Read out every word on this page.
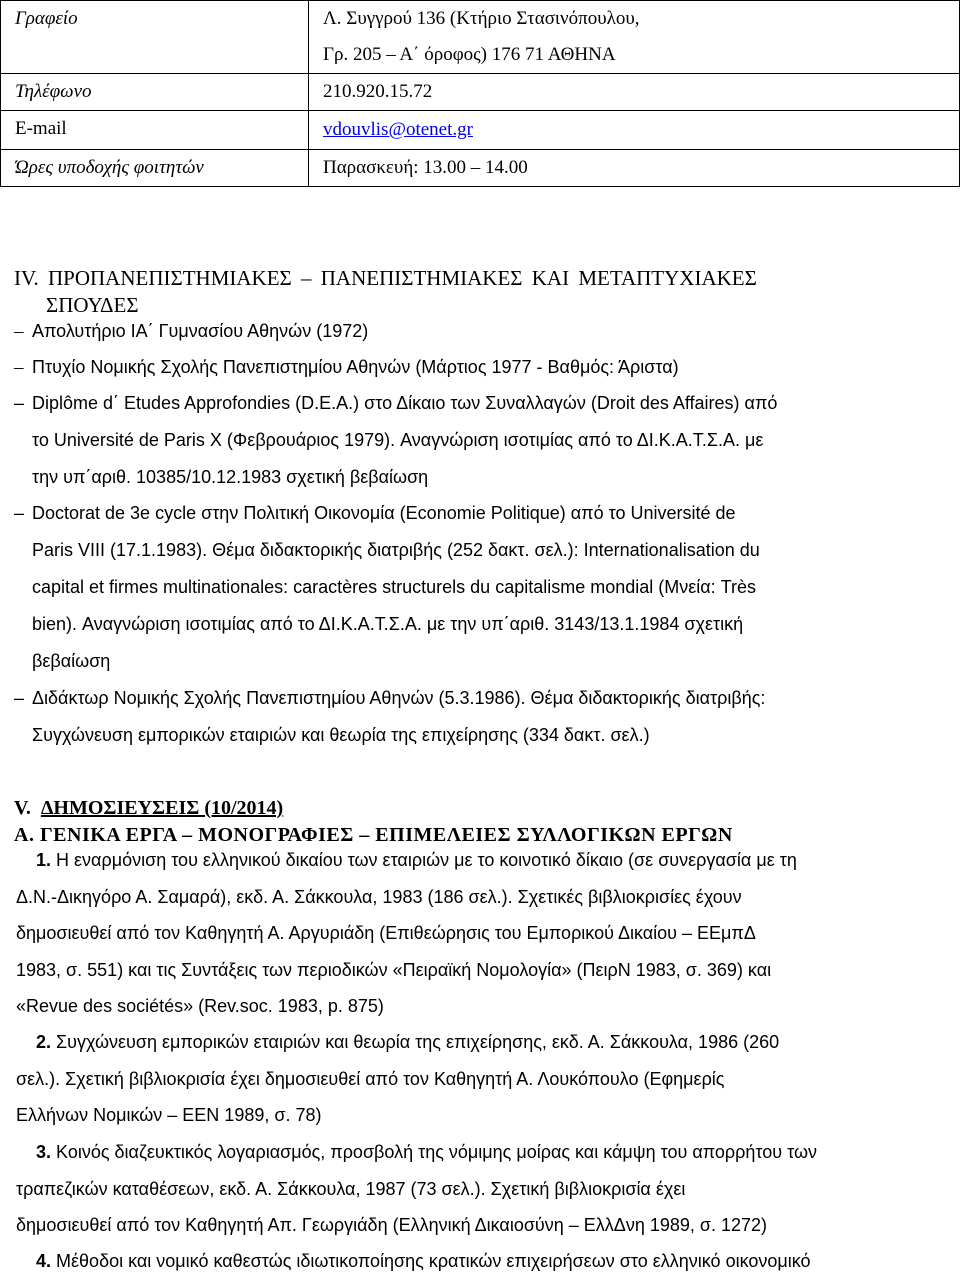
Γραφείο	Λ. Συγγρού 136 (Κτήριο Στασινόπουλου,
Γρ. 205 – Α΄ όροφος) 176 71 ΑΘΗΝΑ

Τηλέφωνο	210.920.15.72
E-mail	vdouvlis@otenet.gr
Ώρες υποδοχής φοιτητών	Παρασκευή: 13.00 – 14.00
IV. ΠΡΟΠΑΝΕΠΙΣΤΗΜΙΑΚΕΣ – ΠΑΝΕΠΙΣΤΗΜΙΑΚΕΣ ΚΑΙ ΜΕΤΑΠΤΥΧΙΑΚΕΣ
ΣΠΟΥΔΕΣ
– Απολυτήριο ΙΑ΄ Γυμνασίου Αθηνών (1972)
– Πτυχίο Νομικής Σχολής Πανεπιστημίου Αθηνών (Μάρτιος 1977 - Βαθμός: Άριστα)
– Diplôme d΄ Etudes Approfondies (D.E.A.) στο Δίκαιο των Συναλλαγών (Droit des Affaires) από
το Université de Paris X (Φεβρουάριος 1979). Αναγνώριση ισοτιμίας από το ΔΙ.Κ.Α.Τ.Σ.Α. με
την υπ΄αριθ. 10385/10.12.1983 σχετική βεβαίωση
– Doctorat de 3e cycle στην Πολιτική Οικονομία (Economie Politique) από το Université de
Paris VIII (17.1.1983). Θέμα διδακτορικής διατριβής (252 δακτ. σελ.): Internationalisation du
capital et firmes multinationales: caractères structurels du capitalisme mondial (Μνεία: Très
bien). Αναγνώριση ισοτιμίας από το ΔΙ.Κ.Α.Τ.Σ.Α. με την υπ΄αριθ. 3143/13.1.1984 σχετική
βεβαίωση
– Διδάκτωρ Νομικής Σχολής Πανεπιστημίου Αθηνών (5.3.1986). Θέμα διδακτορικής διατριβής:
Συγχώνευση εμπορικών εταιριών και θεωρία της επιχείρησης (334 δακτ. σελ.)
V. ΔΗΜΟΣΙΕΥΣΕΙΣ (10/2014)
Α. ΓΕΝΙΚΑ ΕΡΓΑ – ΜΟΝΟΓΡΑΦΙΕΣ – ΕΠΙΜΕΛΕΙΕΣ ΣΥΛΛΟΓΙΚΩΝ ΕΡΓΩΝ
1. Η εναρμόνιση του ελληνικού δικαίου των εταιριών με το κοινοτικό δίκαιο (σε συνεργασία με τη
Δ.Ν.-Δικηγόρο Α. Σαμαρά), εκδ. Α. Σάκκουλα, 1983 (186 σελ.). Σχετικές βιβλιοκρισίες έχουν
δημοσιευθεί από τον Καθηγητή Α. Αργυριάδη (Επιθεώρησις του Εμπορικού Δικαίου – ΕΕμπΔ
1983, σ. 551) και τις Συντάξεις των περιοδικών «Πειραϊκή Νομολογία» (ΠειρΝ 1983, σ. 369) και
«Revue des sociétés» (Rev.soc. 1983, p. 875)
2. Συγχώνευση εμπορικών εταιριών και θεωρία της επιχείρησης, εκδ. Α. Σάκκουλα, 1986 (260
σελ.). Σχετική βιβλιοκρισία έχει δημοσιευθεί από τον Καθηγητή Α. Λουκόπουλο (Εφημερίς
Ελλήνων Νομικών – ΕΕΝ 1989, σ. 78)
3. Κοινός διαζευκτικός λογαριασμός, προσβολή της νόμιμης μοίρας και κάμψη του απορρήτου των
τραπεζικών καταθέσεων, εκδ. Α. Σάκκουλα, 1987 (73 σελ.). Σχετική βιβλιοκρισία έχει
δημοσιευθεί από τον Καθηγητή Απ. Γεωργιάδη (Ελληνική Δικαιοσύνη – ΕλλΔνη 1989, σ. 1272)
4. Μέθοδοι και νομικό καθεστώς ιδιωτικοποίησης κρατικών επιχειρήσεων στο ελληνικό οικονομικό
